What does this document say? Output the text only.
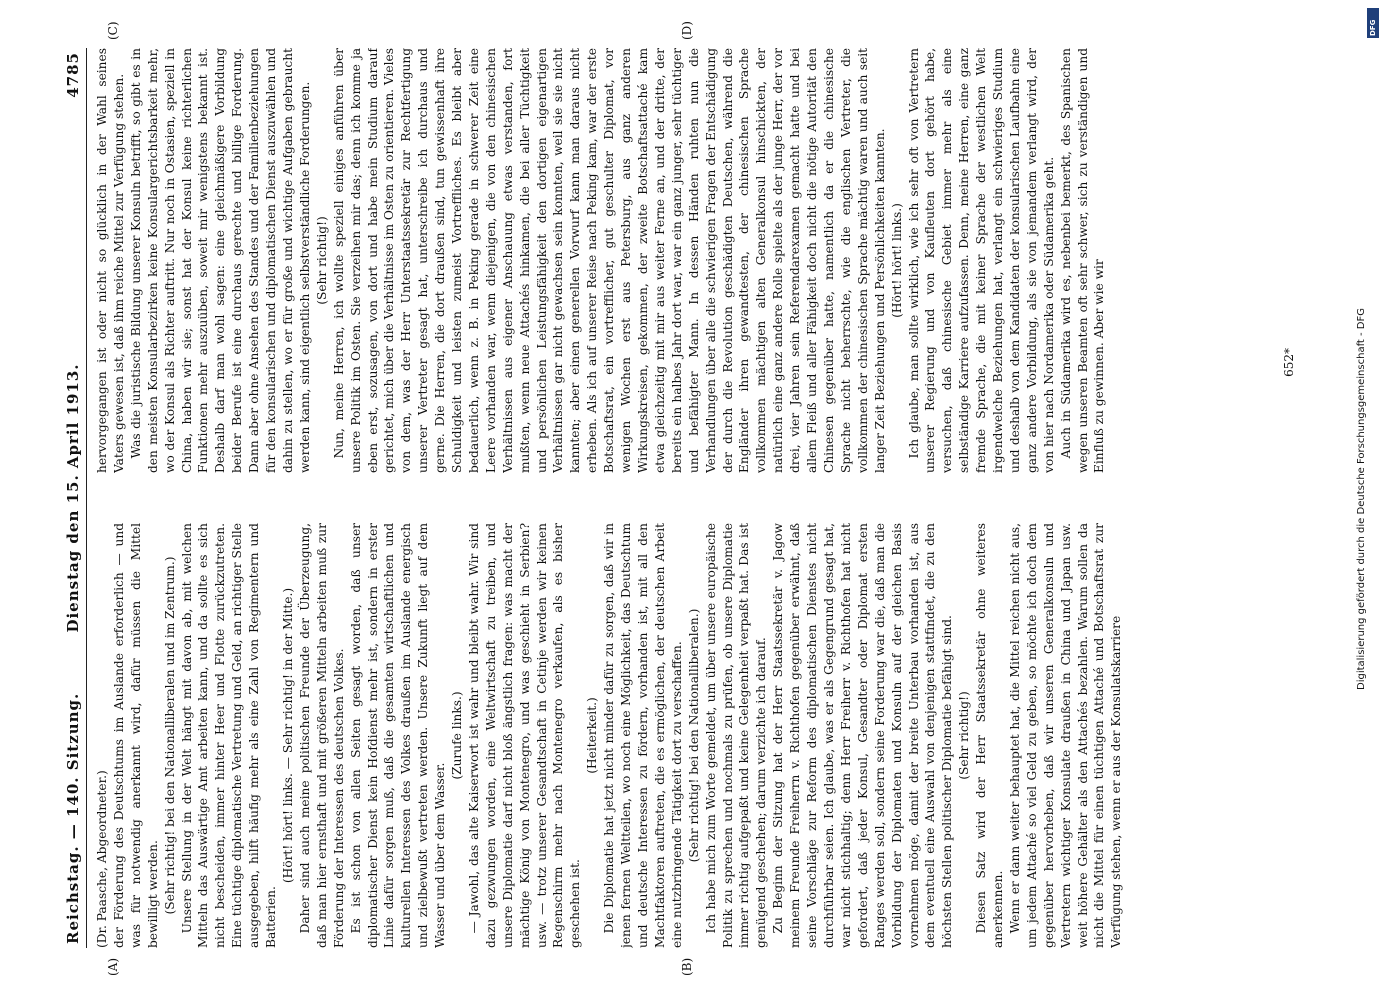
Reichstag. — 140. Sitzung.
Dienstag den 15. April 1913.
4785
(A)	(B)
(C)	(D)

(Dr. Paasche, Abgeordneter.) der Förderung des Deutschtums im Auslande erforderlich — und was für notwendig anerkannt wird, dafür müssen die Mittel bewilligt werden. (Sehr richtig! bei den Nationalliberalen und im Zentrum.) Unsere Stellung in der Welt hängt mit davon ab, mit welchen Mitteln das Auswärtige Amt arbeiten kann, und da sollte es sich nicht bescheiden, immer hinter Heer und Flotte zurückzutreten. Eine tüchtige diplomatische Vertretung und Geld, an richtiger Stelle ausgegeben, hilft häufig mehr als eine Zahl von Regimentern und Batterien.

(Hört! hört! links. — Sehr richtig! in der Mitte.) Daher sind auch meine politischen Freunde der Überzeugung, daß man hier ernsthaft und mit größeren Mitteln arbeiten muß zur Förderung der Interessen des deutschen Volkes. Es ist schon von allen Seiten gesagt worden, daß unser diplomatischer Dienst kein Hofdienst mehr ist, sondern in erster Linie dafür sorgen muß, daß die gesamten wirtschaftlichen und kulturellen Interessen des Volkes draußen im Auslande energisch und zielbewußt vertreten werden. Unsere Zukunft liegt auf dem Wasser und über dem Wasser.

(Zurufe links.) — Jawohl, das alte Kaiserwort ist wahr und bleibt wahr. Wir sind dazu gezwungen worden, eine Weltwirtschaft zu treiben, und unsere Diplomatie darf nicht bloß ängstlich fragen: was macht der mächtige König von Montenegro, und was geschieht in Serbien? usw. — trotz unserer Gesandtschaft in Cetinje werden wir keinen Regenschirm mehr nach Montenegro verkaufen, als es bisher geschehen ist.

(Heiterkeit.) Die Diplomatie hat jetzt nicht minder dafür zu sorgen, daß wir in jenen fernen Weltteilen, wo noch eine Möglichkeit, das Deutschtum und deutsche Interessen zu fördern, vorhanden ist, mit all den Machtfaktoren auftreten, die es ermöglichen, der deutschen Arbeit eine nutzbringende Tätigkeit dort zu verschaffen. (Sehr richtig! bei den Nationalliberalen.) Ich habe mich zum Worte gemeldet, um über unsere europäische Politik zu sprechen und nochmals zu prüfen, ob unsere Diplomatie immer richtig aufgepaßt und keine Gelegenheit verpaßt hat. Das ist genügend geschehen; darum verzichte ich darauf. Zu Beginn der Sitzung hat der Herr Staatssekretär v. Jagow meinem Freunde Freiherrn v. Richthofen gegenüber erwähnt, daß seine Vorschläge zur Reform des diplomatischen Dienstes nicht durchführbar seien. Ich glaube, was er als Gegengrund gesagt hat, war nicht stichhaltig; denn Herr Freiherr v. Richthofen hat nicht gefordert, daß jeder Konsul, Gesandter oder Diplomat ersten Ranges werden soll, sondern seine Forderung war die, daß man die Vorbildung der Diplomaten und Konsuln auf der gleichen Basis vornehmen möge, damit der breite Unterbau vorhanden ist, aus dem eventuell eine Auswahl von denjenigen stattfindet, die zu den höchsten Stellen politischer Diplomatie befähigt sind. (Sehr richtig!) Diesen Satz wird der Herr Staatssekretär ohne weiteres anerkennen. Wenn er dann weiter behauptet hat, die Mittel reichen nicht aus, um jedem Attaché so viel Geld zu geben, so möchte ich doch dem gegenüber hervorheben, daß wir unseren Generalkonsuln und Vertretern wichtiger Konsulate draußen in China und Japan usw. weit höhere Gehälter als den Attachés bezahlen. Warum sollen da nicht die Mittel für einen tüchtigen Attaché und Botschaftsrat zur Verfügung stehen, wenn er aus der Konsulatskarriere

hervorgegangen ist oder nicht so glücklich in der Wahl seines Vaters gewesen ist, daß ihm reiche Mittel zur Verfügung stehen. Was die juristische Bildung unserer Konsuln betrifft, so gibt es in den meisten Konsularbezirken keine Konsulargerichtsbarkeit mehr, wo der Konsul als Richter auftritt. Nur noch in Ostasien, speziell in China, haben wir sie; sonst hat der Konsul keine richterlichen Funktionen mehr auszuüben, soweit mir wenigstens bekannt ist. Deshalb darf man wohl sagen: eine gleichmäßigere Vorbildung beider Berufe ist eine durchaus gerechte und billige Forderung. Dann aber ohne Ansehen des Standes und der Familienbeziehungen für den konsularischen und diplomatischen Dienst auszuwählen und dahin zu stellen, wo er für große und wichtige Aufgaben gebraucht werden kann, sind eigentlich selbstverständliche Forderungen. (Sehr richtig!) Nun, meine Herren, ich wollte speziell einiges anführen über unsere Politik im Osten. Sie verzeihen mir das; denn ich komme ja eben erst, sozusagen, von dort und habe mein Studium darauf gerichtet, mich über die Verhältnisse im Osten zu orientieren. Vieles von dem, was der Herr Unterstaatssekretär zur Rechtfertigung unserer Vertreter gesagt hat, unterschreibe ich durchaus und gerne. Die Herren, die dort draußen sind, tun gewissenhaft ihre Schuldigkeit und leisten zumeist Vortreffliches. Es bleibt aber bedauerlich, wenn z. B. in Peking gerade in schwerer Zeit eine Leere vorhanden war, wenn diejenigen, die von den chinesischen Verhältnissen aus eigener Anschauung etwas verstanden, fort mußten, wenn neue Attachés hinkamen, die bei aller Tüchtigkeit und persönlichen Leistungsfähigkeit den dortigen eigenartigen Verhältnissen gar nicht gewachsen sein konnten, weil sie sie nicht kannten; aber einen generellen Vorwurf kann man daraus nicht erheben. Als ich auf unserer Reise nach Peking kam, war der erste Botschaftsrat, ein vortrefflicher, gut geschulter Diplomat, vor wenigen Wochen erst aus Petersburg, aus ganz anderen Wirkungskreisen, gekommen, der zweite Botschaftsattaché kam etwa gleichzeitig mit mir aus weiter Ferne an, und der dritte, der bereits ein halbes Jahr dort war, war ein ganz junger, sehr tüchtiger und befähigter Mann. In dessen Händen ruhten nun die Verhandlungen über alle die schwierigen Fragen der Entschädigung der durch die Revolution geschädigten Deutschen, während die Engländer ihren gewandtesten, der chinesischen Sprache vollkommen mächtigen alten Generalkonsul hinschickten, der natürlich eine ganz andere Rolle spielte als der junge Herr, der vor drei, vier Jahren sein Referendarexamen gemacht hatte und bei allem Fleiß und aller Fähigkeit doch nicht die nötige Autorität den Chinesen gegenüber hatte, namentlich da er die chinesische Sprache nicht beherrschte, wie die englischen Vertreter, die vollkommen der chinesischen Sprache mächtig waren und auch seit langer Zeit Beziehungen und Persönlichkeiten kannten. (Hört! hört! links.) Ich glaube, man sollte wirklich, wie ich sehr oft von Vertretern unserer Regierung und von Kaufleuten dort gehört habe, versuchen, daß chinesische Gebiet immer mehr als eine selbständige Karriere aufzufassen. Denn, meine Herren, eine ganz fremde Sprache, die mit keiner Sprache der westlichen Welt irgendwelche Beziehungen hat, verlangt ein schwieriges Studium und deshalb von dem Kandidaten der konsularischen Laufbahn eine ganz andere Vorbildung, als sie von jemandem verlangt wird, der von hier nach Nordamerika oder Südamerika geht. Auch in Südamerika wird es, nebenbei bemerkt, des Spanischen wegen unseren Beamten oft sehr schwer, sich zu verständigen und Einfluß zu gewinnen. Aber wie wir	652*	Digitalisierung gefördert durch die Deutsche Forschungsgemeinschaft - DFG
DFG
